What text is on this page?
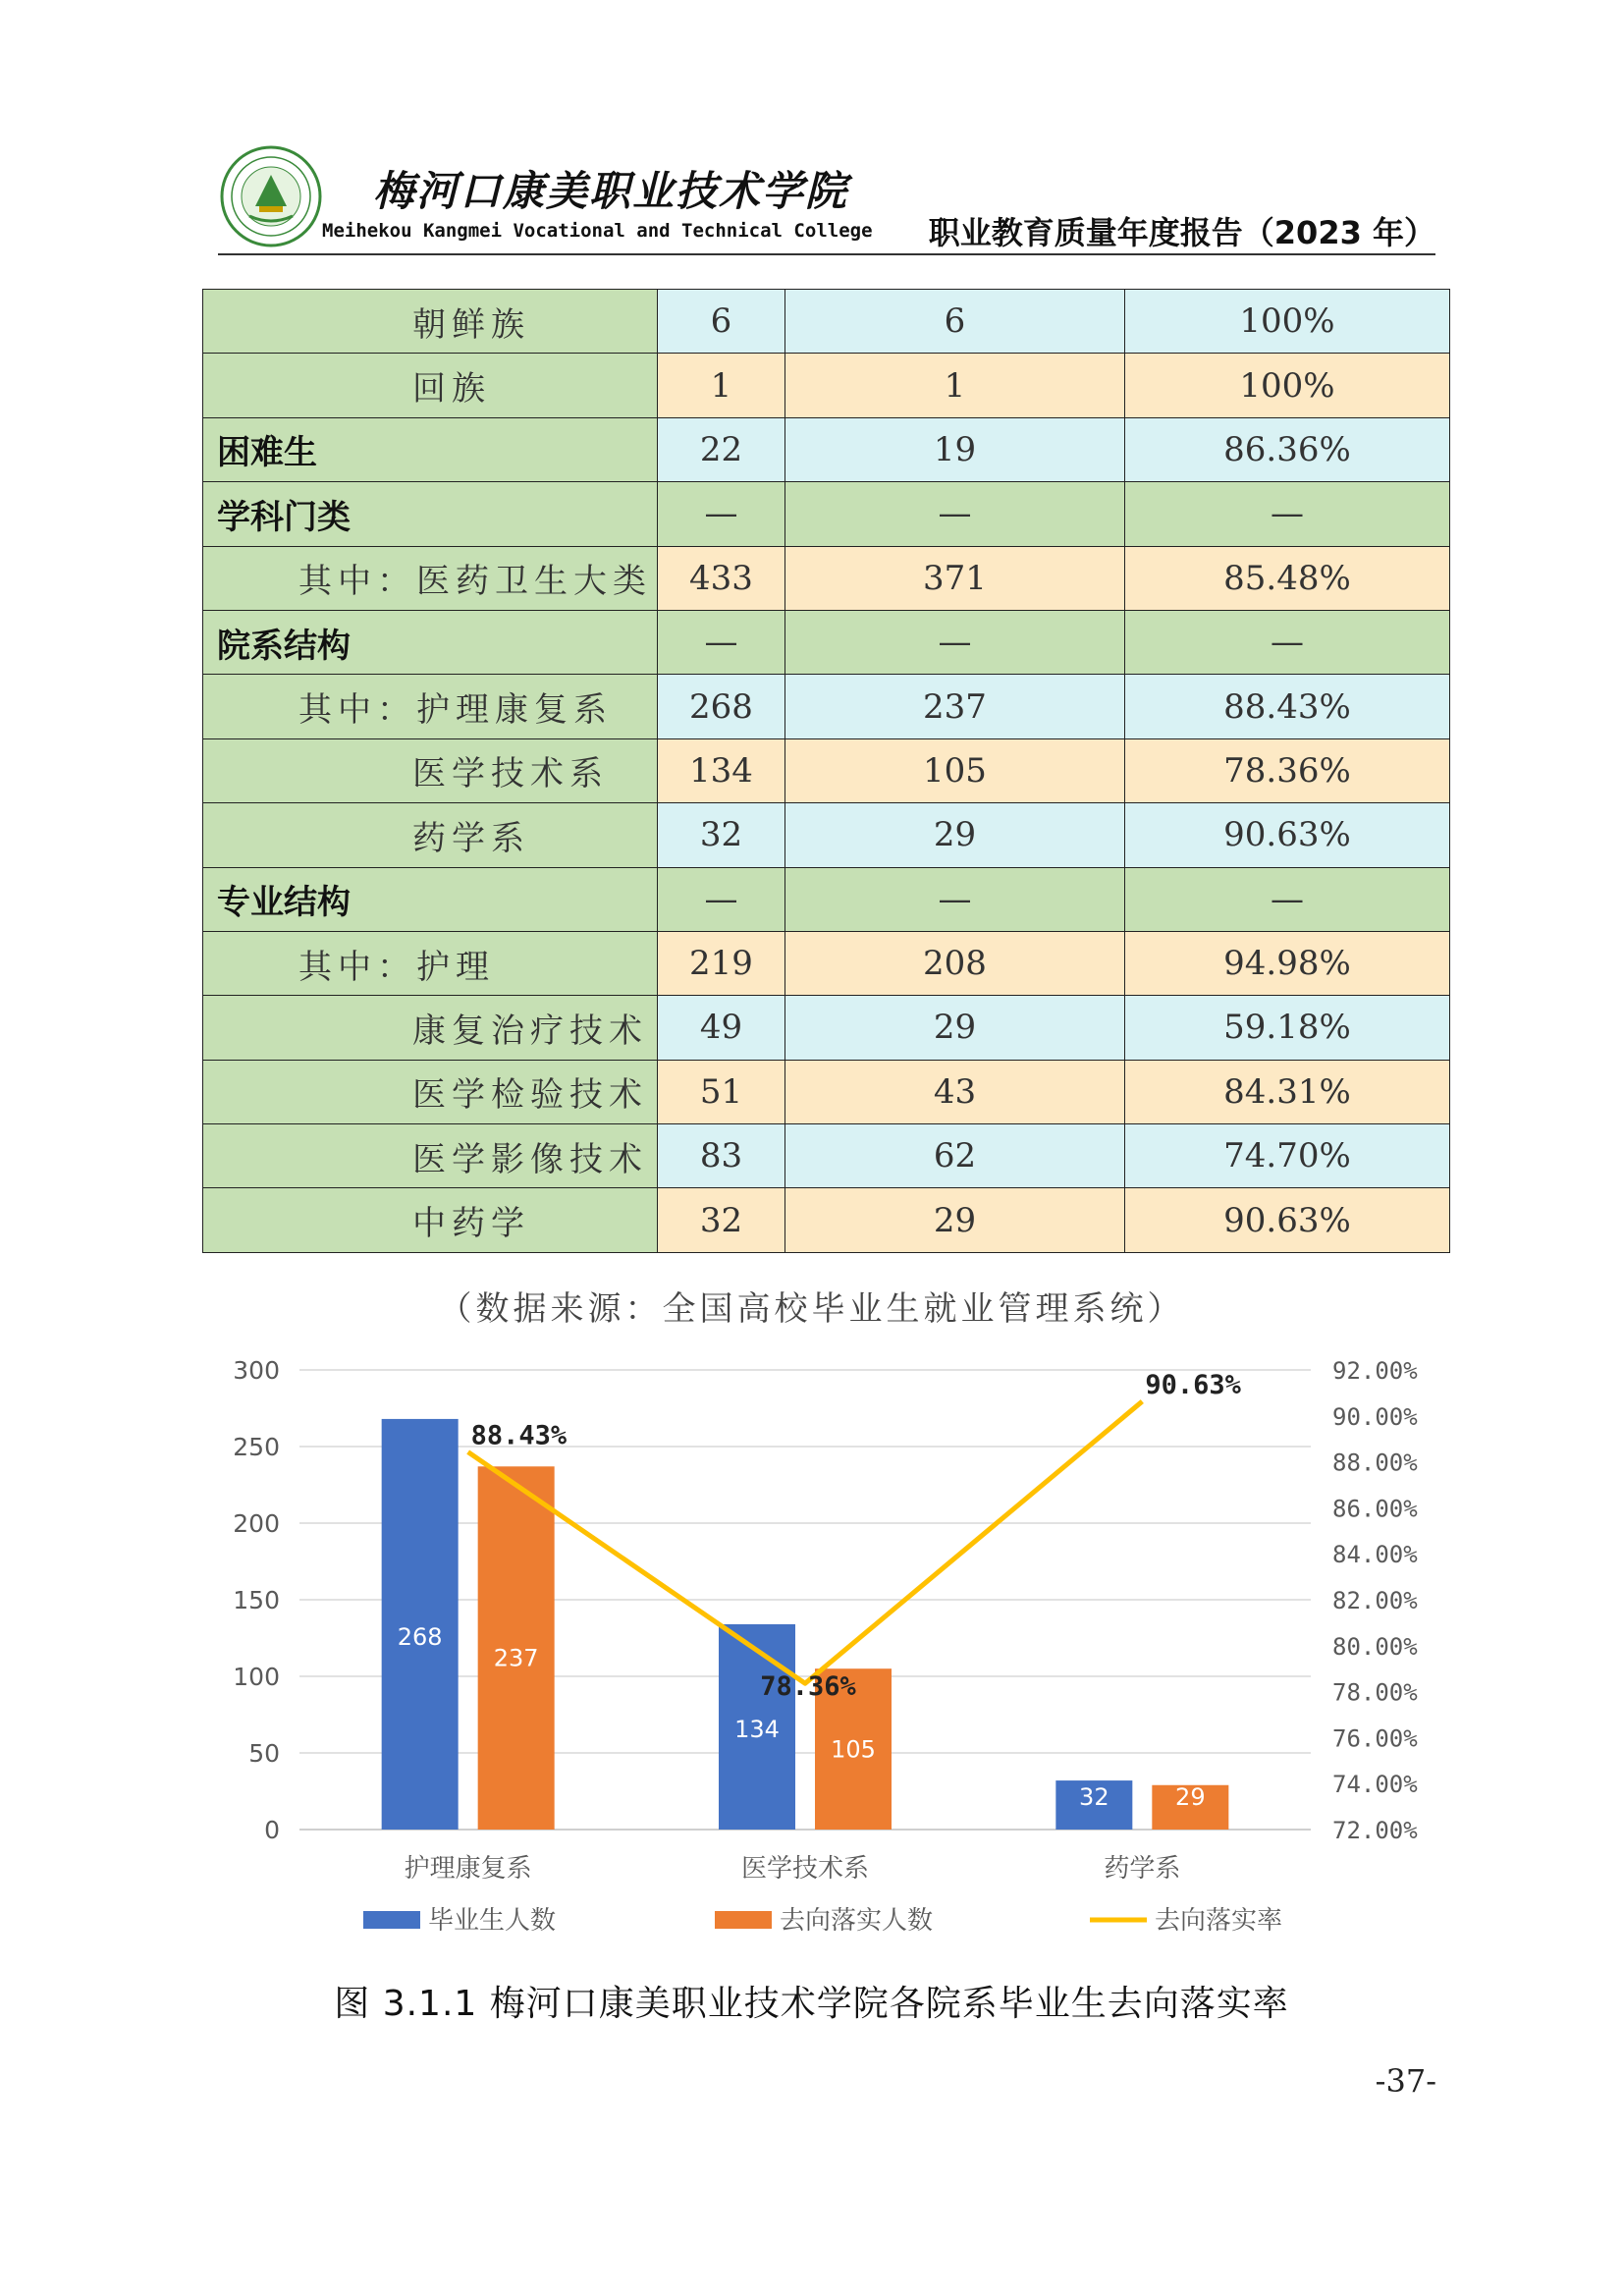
梅河口康美职业技术学院
Meihekou Kangmei Vocational and Technical College 职业教育质量年度报告（2023 年）
朝鲜族	6	6	100%
回族	1	1	100%
困难生	22	19	86.36%
学科门类	—	—	—
其中：医药卫生大类	433	371	85.48%
院系结构	—	—	—
其中：护理康复系	268	237	88.43%
医学技术系	134	105	78.36%
药学系	32	29	90.63%
专业结构	—	—	—
其中：护理	219	208	94.98%
康复治疗技术	49	29	59.18%
医学检验技术	51	43	84.31%
医学影像技术	83	62	74.70%
中药学	32	29	90.63%
（数据来源：全国高校毕业生就业管理系统）
0
50
100
150
200
250
300
72.00%
74.00%
76.00%
78.00%
80.00%
82.00%
84.00%
86.00%
88.00%
90.00%
92.00%
268
237
护理康复系
134
105
医学技术系
32	29
药学系
88.43%
78.36%
90.63%
毕业生人数	去向落实人数	去向落实率
图 3.1.1 梅河口康美职业技术学院各院系毕业生去向落实率
-37-
